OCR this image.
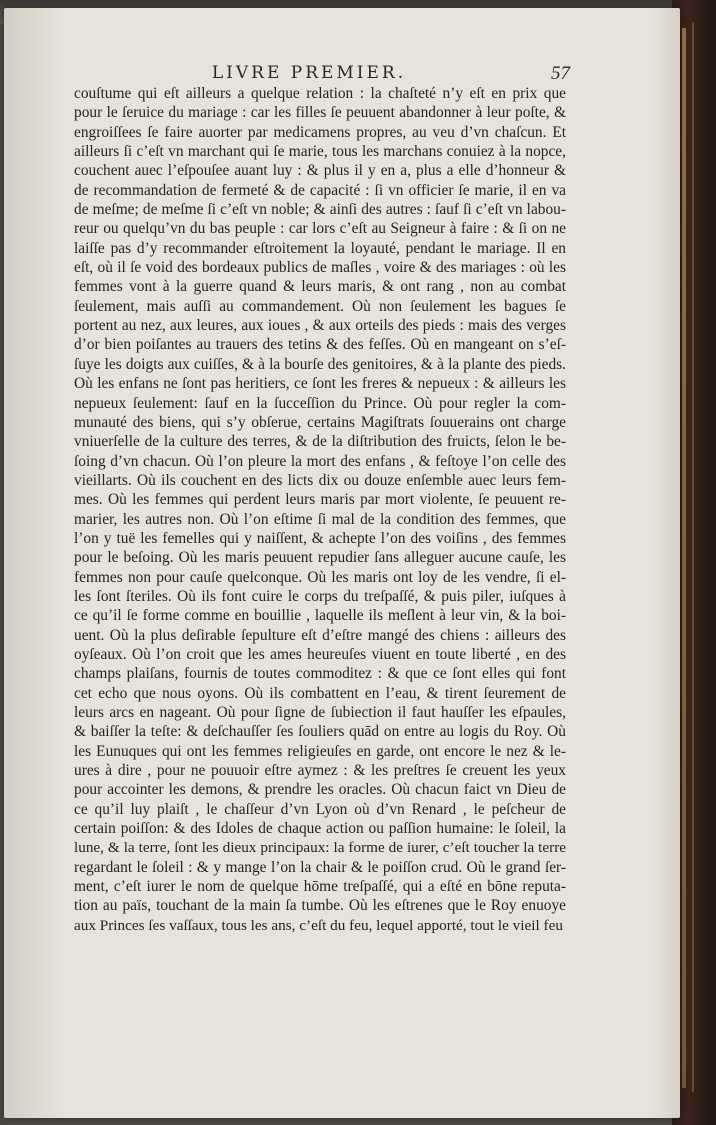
LIVRE PREMIER.	57
couſtume qui eſt ailleurs a quelque relation : la chaſteté n’y eſt en prix que
pour le ſeruice du mariage : car les filles ſe peuuent abandonner à leur poſte, &
engroiſſees ſe faire auorter par medicamens propres, au veu d’vn chaſcun. Et
ailleurs ſi c’eſt vn marchant qui ſe marie, tous les marchans conuiez à la nopce,
couchent auec l’eſpouſee auant luy : & plus il y en a, plus a elle d’honneur &
de recommandation de fermeté & de capacité : ſi vn officier ſe marie, il en va
de meſme; de meſme ſi c’eſt vn noble; & ainſi des autres : ſauf ſi c’eſt vn labou-
reur ou quelqu’vn du bas peuple : car lors c’eſt au Seigneur à faire : & ſi on ne
laiſſe pas d’y recommander eſtroitement la loyauté, pendant le mariage. Il en
eſt, où il ſe void des bordeaux publics de maſles , voire & des mariages : où les
femmes vont à la guerre quand & leurs maris, & ont rang , non au combat
ſeulement, mais auſſi au commandement. Où non ſeulement les bagues ſe
portent au nez, aux leures, aux ioues , & aux orteils des pieds : mais des verges
d’or bien poiſantes au trauers des tetins & des feſſes. Où en mangeant on s’eſ-
ſuye les doigts aux cuiſſes, & à la bourſe des genitoires, & à la plante des pieds.
Où les enfans ne ſont pas heritiers, ce ſont les freres & nepueux : & ailleurs les
nepueux ſeulement: ſauf en la ſucceſſion du Prince. Où pour regler la com-
munauté des biens, qui s’y obſerue, certains Magiſtrats ſouuerains ont charge
vniuerſelle de la culture des terres, & de la diſtribution des fruicts, ſelon le be-
ſoing d’vn chacun. Où l’on pleure la mort des enfans , & feſtoye l’on celle des
vieillarts. Où ils couchent en des licts dix ou douze enſemble auec leurs fem-
mes. Où les femmes qui perdent leurs maris par mort violente, ſe peuuent re-
marier, les autres non. Où l’on eſtime ſi mal de la condition des femmes, que
l’on y tuë les femelles qui y naiſſent, & achepte l’on des voiſins , des femmes
pour le beſoing. Où les maris peuuent repudier ſans alleguer aucune cauſe, les
femmes non pour cauſe quelconque. Où les maris ont loy de les vendre, ſi el-
les ſont ſteriles. Où ils font cuire le corps du treſpaſſé, & puis piler, iuſques à
ce qu’il ſe forme comme en bouillie , laquelle ils meſlent à leur vin, & la boi-
uent. Où la plus deſirable ſepulture eſt d’eſtre mangé des chiens : ailleurs des
oyſeaux. Où l’on croit que les ames heureuſes viuent en toute liberté , en des
champs plaiſans, fournis de toutes commoditez : & que ce ſont elles qui font
cet echo que nous oyons. Où ils combattent en l’eau, & tirent ſeurement de
leurs arcs en nageant. Où pour ſigne de ſubiection il faut hauſſer les eſpaules,
& baiſſer la teſte: & deſchauſſer ſes ſouliers quād on entre au logis du Roy. Où
les Eunuques qui ont les femmes religieuſes en garde, ont encore le nez & le-
ures à dire , pour ne pouuoir eſtre aymez : & les preſtres ſe creuent les yeux
pour accointer les demons, & prendre les oracles. Où chacun faict vn Dieu de
ce qu’il luy plaiſt , le chaſſeur d’vn Lyon où d’vn Renard , le peſcheur de
certain poiſſon: & des Idoles de chaque action ou paſſion humaine: le ſoleil, la
lune, & la terre, ſont les dieux principaux: la forme de iurer, c’eſt toucher la terre
regardant le ſoleil : & y mange l’on la chair & le poiſſon crud. Où le grand ſer-
ment, c’eſt iurer le nom de quelque hōme treſpaſſé, qui a eſté en bōne reputa-
tion au païs, touchant de la main ſa tumbe. Où les eſtrenes que le Roy enuoye
aux Princes ſes vaſſaux, tous les ans, c’eſt du feu, lequel apporté, tout le vieil feu
